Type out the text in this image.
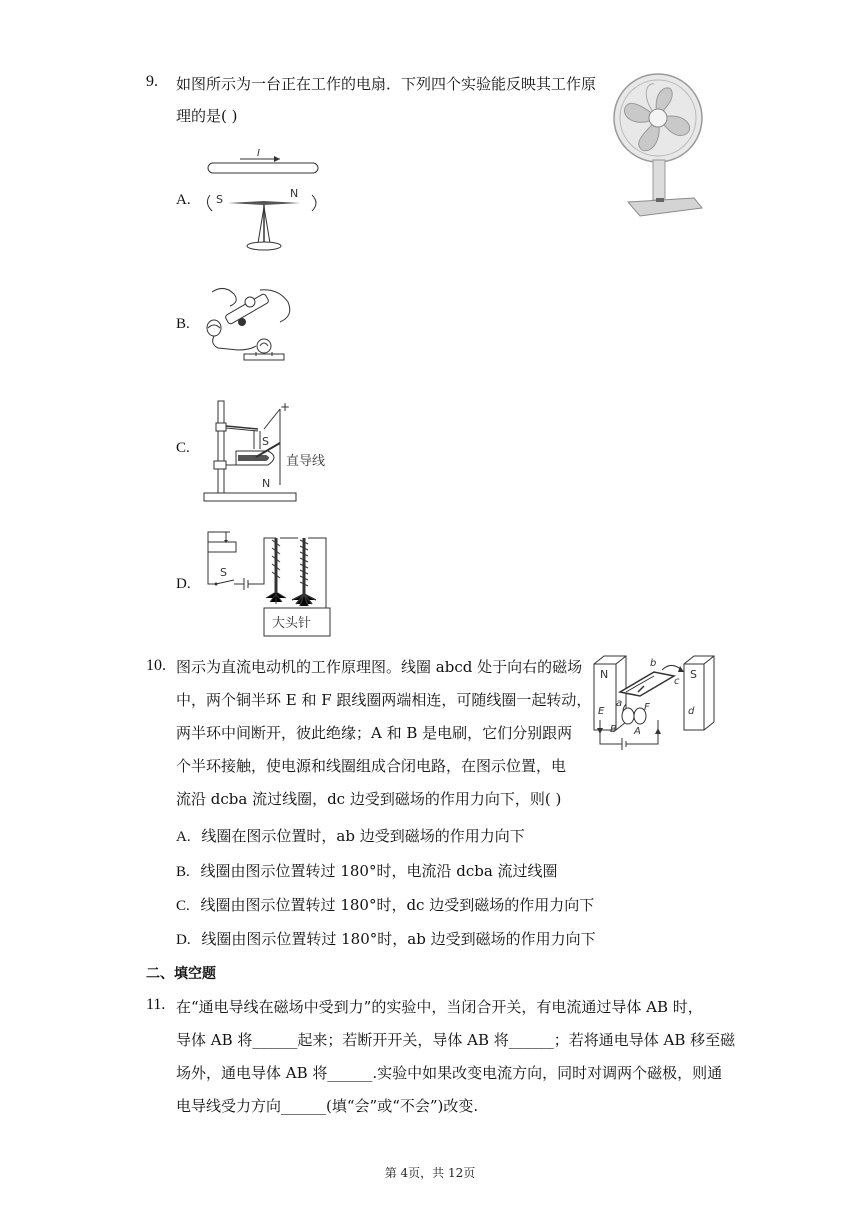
9. 如图所示为一台正在工作的电扇．下列四个实验能反映其工作原
理的是( )
A.
I
S	N
B.
C.
+
S
N
直导线
D.
S
大头针
10. 图示为直流电动机的工作原理图。线圈 abcd 处于向右的磁场
中，两个铜半环 E 和 F 跟线圈两端相连，可随线圈一起转动，
两半环中间断开，彼此绝缘；A 和 B 是电刷，它们分别跟两
个半环接触，使电源和线圈组成合闭电路，在图示位置，电
流沿 dcba 流过线圈，dc 边受到磁场的作用力向下，则( )
N	S
b
c
a
d
E	F
B A
A. 线圈在图示位置时，ab 边受到磁场的作用力向下
B. 线圈由图示位置转过 180°时，电流沿 dcba 流过线圈
C. 线圈由图示位置转过 180°时，dc 边受到磁场的作用力向下
D. 线圈由图示位置转过 180°时，ab 边受到磁场的作用力向下
二、填空题
11. 在“通电导线在磁场中受到力”的实验中，当闭合开关，有电流通过导体 AB 时，
导体 AB 将______起来；若断开开关，导体 AB 将______；若将通电导体 AB 移至磁
场外，通电导体 AB 将______.实验中如果改变电流方向，同时对调两个磁极，则通
电导线受力方向______(填“会”或“不会”)改变.
第 4页，共 12页
